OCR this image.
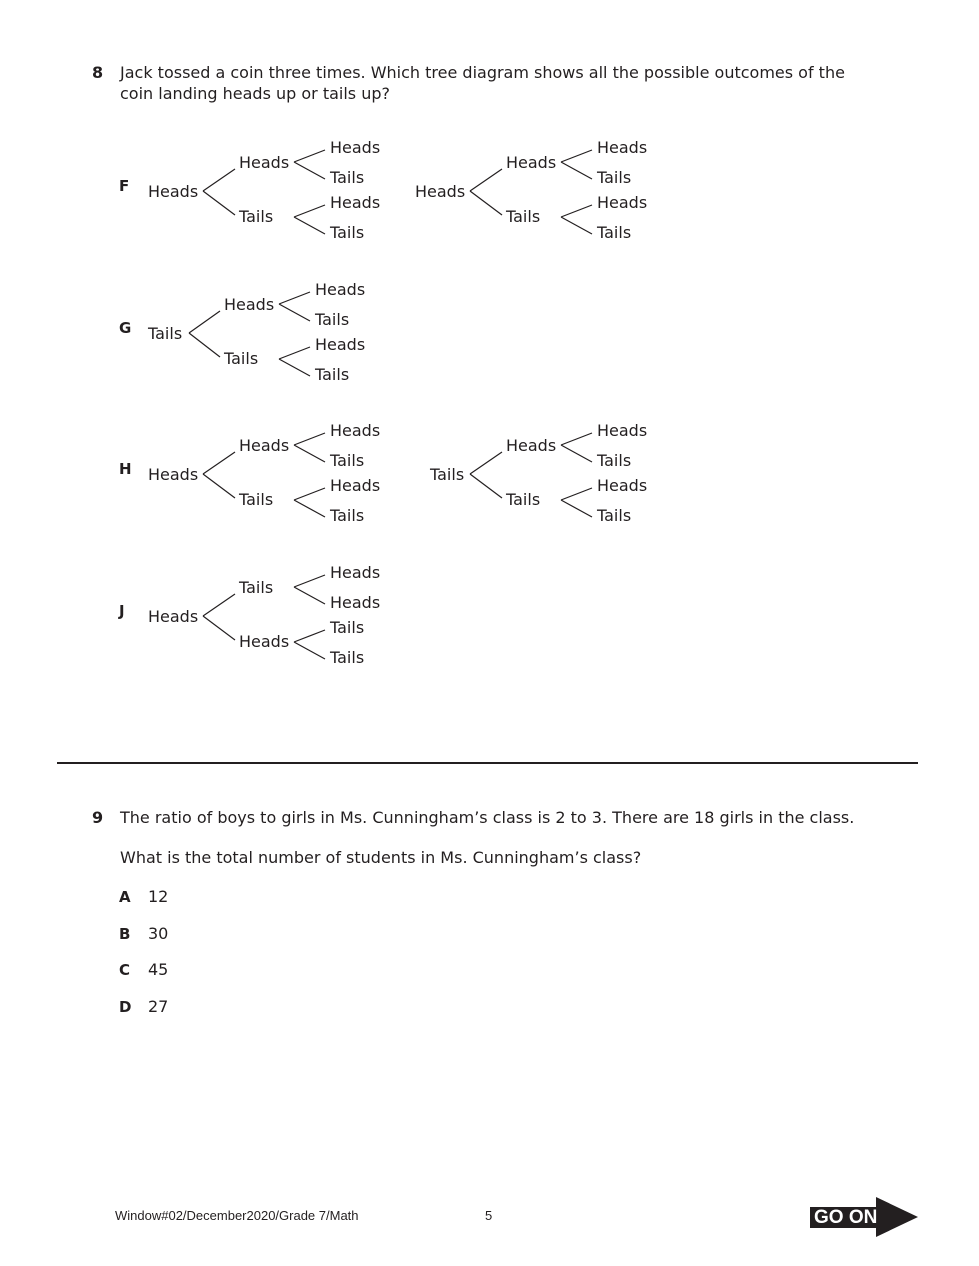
8 Jack tossed a coin three times. Which tree diagram shows all the possible outcomes of the coin landing heads up or tails up?
F Heads
Heads
Tails
Heads
Tails
Heads
Tails
Heads
Heads
Tails
Heads
Tails
Heads
Tails
G Tails
Heads
Tails
Heads
Tails
Heads
Tails
H Heads
Heads
Tails
Heads
Tails
Heads
Tails
Tails
Heads
Tails
Heads
Tails
Heads
Tails
J Heads
Tails
Heads
Heads
Heads
Tails
Tails
9 The ratio of boys to girls in Ms. Cunningham’s class is 2 to 3. There are 18 girls in the class.
What is the total number of students in Ms. Cunningham’s class?
A 12
B 30
C 45
D 27
Window#02/December2020/Grade 7/Math	5	GO ON
